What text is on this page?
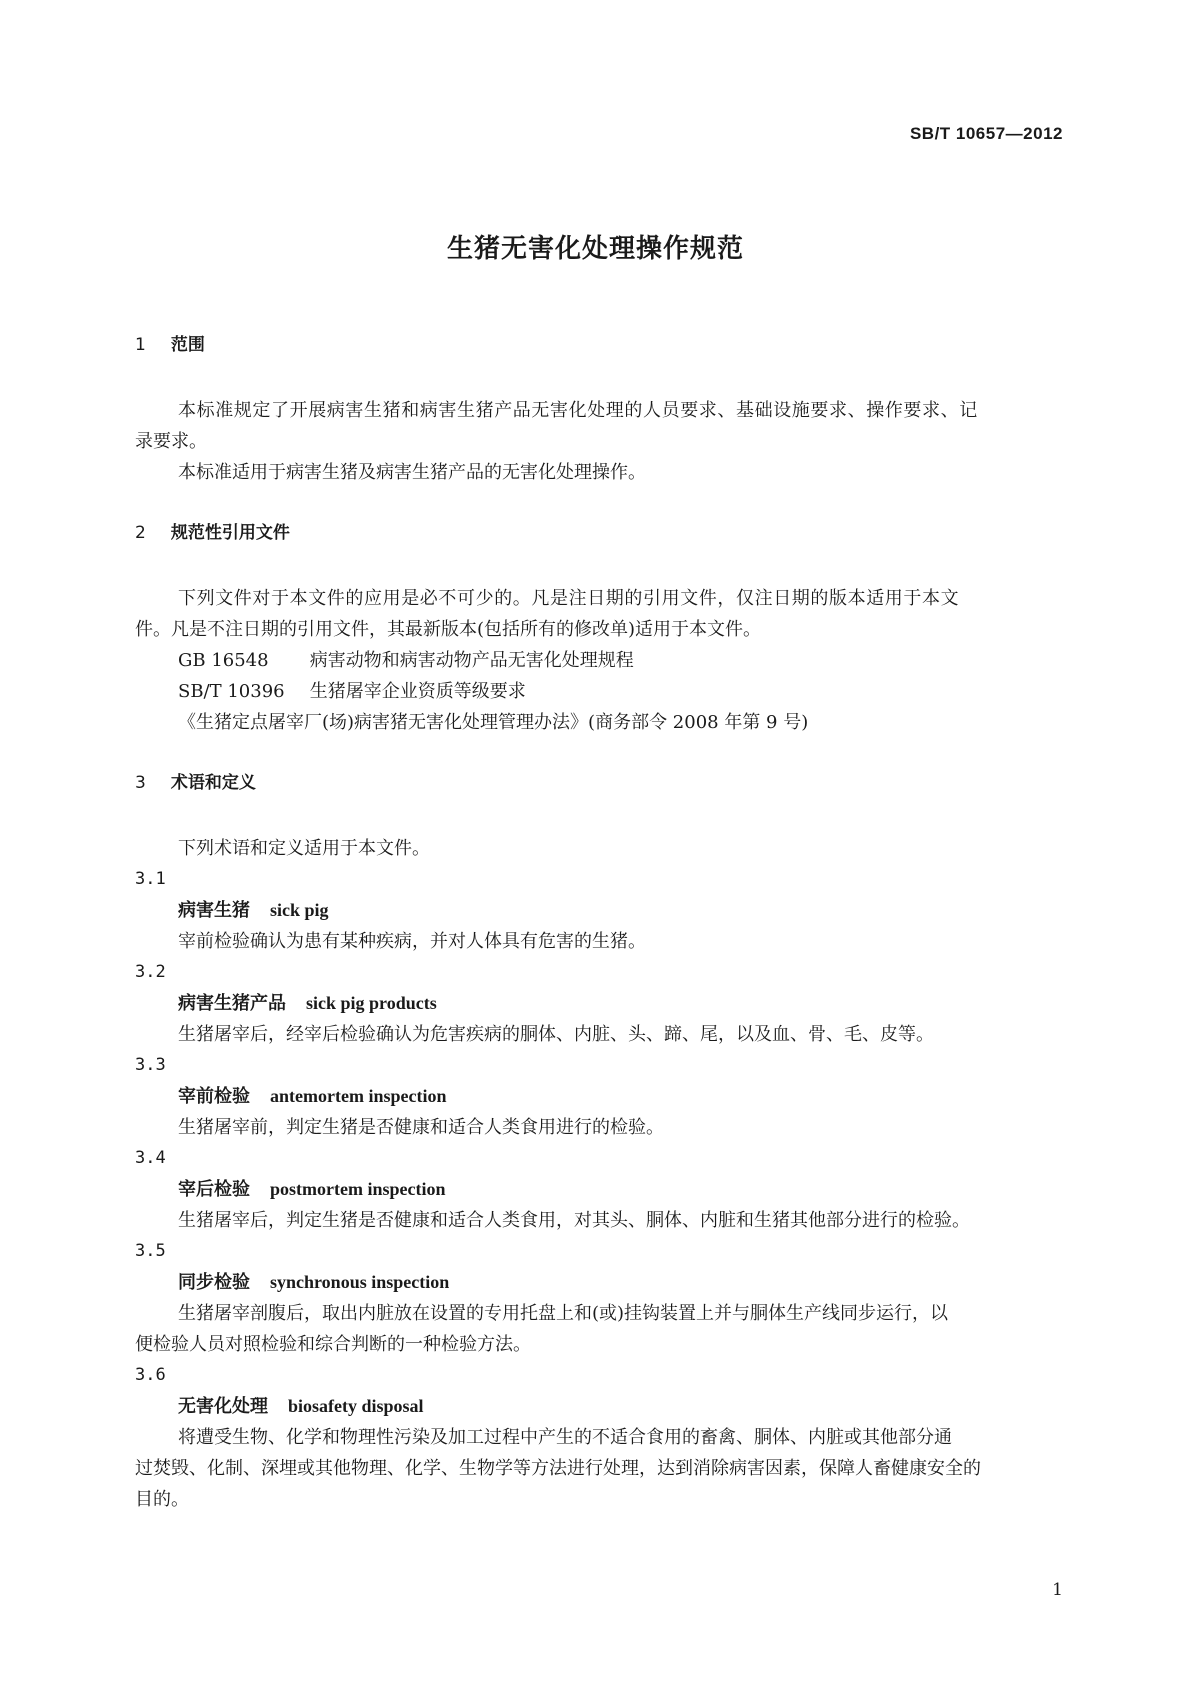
SB/T 10657—2012
生猪无害化处理操作规范
1 范围
本标准规定了开展病害生猪和病害生猪产品无害化处理的人员要求、基础设施要求、操作要求、记

录要求。
本标准适用于病害生猪及病害生猪产品的无害化处理操作。
2 规范性引用文件
下列文件对于本文件的应用是必不可少的。凡是注日期的引用文件，仅注日期的版本适用于本文
件。凡是不注日期的引用文件，其最新版本(包括所有的修改单)适用于本文件。
GB 16548 病害动物和病害动物产品无害化处理规程
SB/T 10396 生猪屠宰企业资质等级要求
《生猪定点屠宰厂(场)病害猪无害化处理管理办法》(商务部令 2008 年第 9 号)
3 术语和定义
下列术语和定义适用于本文件。
3.1
病害生猪 sick pig
宰前检验确认为患有某种疾病，并对人体具有危害的生猪。
3.2
病害生猪产品 sick pig products
生猪屠宰后，经宰后检验确认为危害疾病的胴体、内脏、头、蹄、尾，以及血、骨、毛、皮等。
3.3
宰前检验 antemortem inspection
生猪屠宰前，判定生猪是否健康和适合人类食用进行的检验。
3.4
宰后检验 postmortem inspection
生猪屠宰后，判定生猪是否健康和适合人类食用，对其头、胴体、内脏和生猪其他部分进行的检验。
3.5
同步检验 synchronous inspection
生猪屠宰剖腹后，取出内脏放在设置的专用托盘上和(或)挂钩装置上并与胴体生产线同步运行，以
便检验人员对照检验和综合判断的一种检验方法。
3.6
无害化处理 biosafety disposal
将遭受生物、化学和物理性污染及加工过程中产生的不适合食用的畜禽、胴体、内脏或其他部分通
过焚毁、化制、深埋或其他物理、化学、生物学等方法进行处理，达到消除病害因素，保障人畜健康安全的
目的。
1
